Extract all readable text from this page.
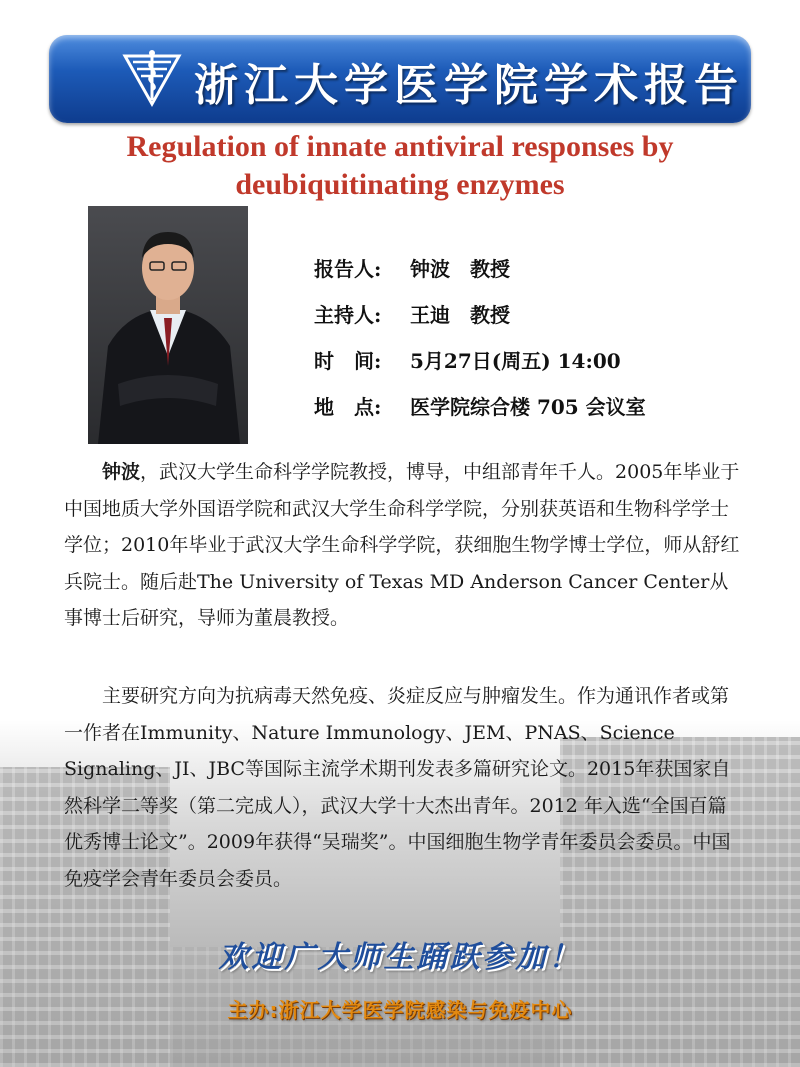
浙江大学医学院学术报告
Regulation of innate antiviral responses by deubiquitinating enzymes
报告人: 钟波　教授
主持人: 王迪　教授
时　间: 5月27日(周五) 14:00
地　点: 医学院综合楼 705 会议室

钟波，武汉大学生命科学学院教授，博导，中组部青年千人。2005年毕业于中国地质大学外国语学院和武汉大学生命科学学院，分别获英语和生物科学学士学位；2010年毕业于武汉大学生命科学学院，获细胞生物学博士学位，师从舒红兵院士。随后赴The University of Texas MD Anderson Cancer Center从事博士后研究，导师为董晨教授。

主要研究方向为抗病毒天然免疫、炎症反应与肿瘤发生。作为通讯作者或第一作者在Immunity、Nature Immunology、JEM、PNAS、Science Signaling、JI、JBC等国际主流学术期刊发表多篇研究论文。2015年获国家自然科学二等奖（第二完成人），武汉大学十大杰出青年。2012 年入选“全国百篇优秀博士论文”。2009年获得“吴瑞奖”。中国细胞生物学青年委员会委员。中国免疫学会青年委员会委员。

欢迎广大师生踊跃参加！
主办:浙江大学医学院感染与免疫中心
